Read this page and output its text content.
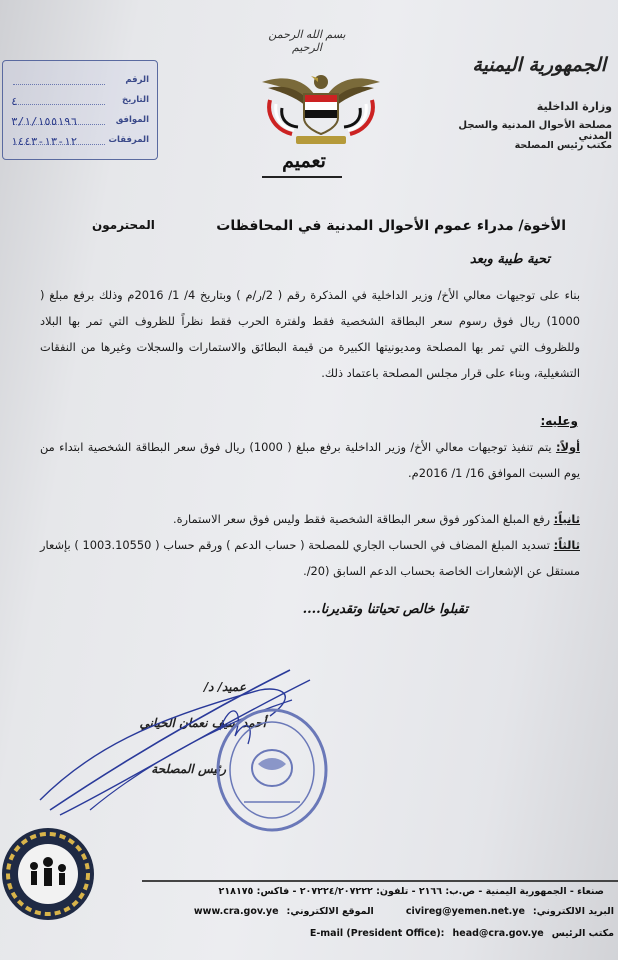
بسم الله الرحمن الرحيم
تعميم
الجمهورية اليمنية
وزارة الداخلية
مصلحة الأحوال المدنية والسجل المدني
مكتب رئيس المصلحة
الرقم
التاريخ
٤
الموافق
٣/١/١٥٥١٩٦
المرفقات
١٢-١٣-١٤٤٣
الأخوة/ مدراء عموم الأحوال المدنية في المحافظات
المحترمون
تحية طيبة وبعد
بناء على توجيهات معالي الأخ/ وزير الداخلية في المذكرة رقم ( 2/ر/م ) وبتاريخ 4/ 1/ 2016م وذلك برفع مبلغ ( 1000) ريال فوق رسوم سعر البطاقة الشخصية فقط ولفترة الحرب فقط نظراً للظروف التي تمر بها البلاد وللظروف التي تمر بها المصلحة ومديونيتها الكبيرة من قيمة البطائق والاستمارات والسجلات وغيرها من النفقات التشغيلية، وبناء على قرار مجلس المصلحة باعتماد ذلك.
وعليه:
أولاً: يتم تنفيذ توجيهات معالي الأخ/ وزير الداخلية برفع مبلغ ( 1000) ريال فوق سعر البطاقة الشخصية ابتداء من يوم السبت الموافق 16/ 1/ 2016م.
ثانياً: رفع المبلغ المذكور فوق سعر البطاقة الشخصية فقط وليس فوق سعر الاستمارة.
ثالثاً: تسديد المبلغ المضاف في الحساب الجاري للمصلحة ( حساب الدعم ) ورقم حساب ( 1003.10550 ) بإشعار مستقل عن الإشعارات الخاصة بحساب الدعم السابق (20/.
تقبلوا خالص تحياتنا وتقديرنا....
عميد/ د/
أحمد سيف نعمان الحياني
رئيس المصلحة
صنعاء - الجمهورية اليمنية - ص.ب: ٢١٦٦ - تلفون: ٢٠٧٢٢٤/٢٠٧٢٢٢ - فاكس: ٢١٨١٧٥
www.cra.gov.ye الموقع الالكتروني:	civireg@yemen.net.ye البريد الالكتروني:
E-mail (President Office): head@cra.gov.ye مكتب الرئيس
